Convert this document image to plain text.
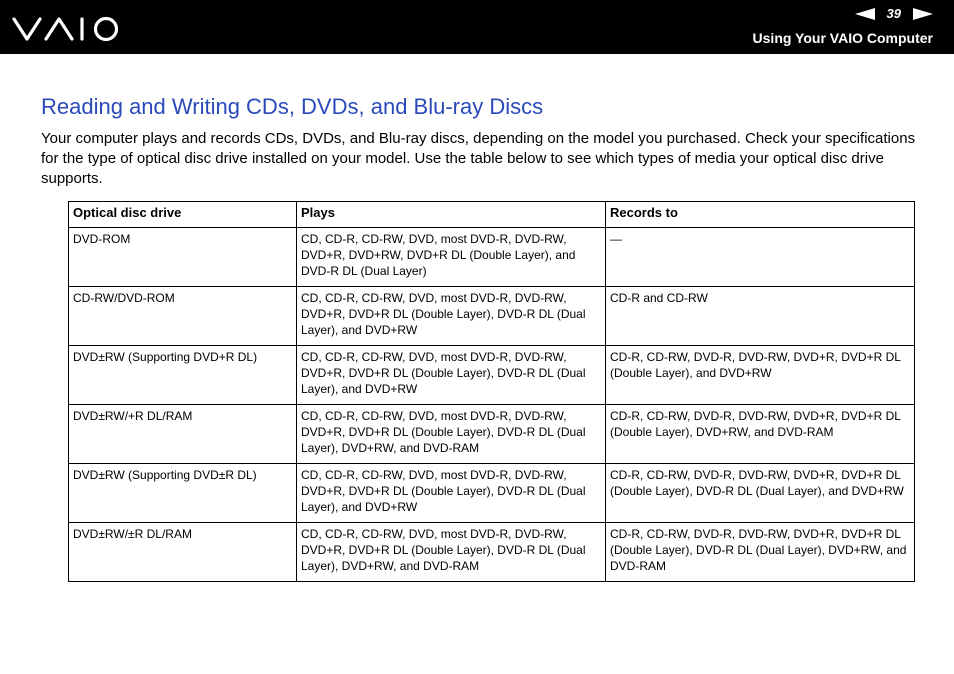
39
Using Your VAIO Computer
Reading and Writing CDs, DVDs, and Blu-ray Discs

Your computer plays and records CDs, DVDs, and Blu-ray discs, depending on the model you purchased. Check your specifications for the type of optical disc drive installed on your model. Use the table below to see which types of media your optical disc drive supports.

Optical disc drive	Plays	Records to
DVD-ROM	CD, CD-R, CD-RW, DVD, most DVD-R, DVD-RW, DVD+R, DVD+RW, DVD+R DL (Double Layer), and DVD-R DL (Dual Layer)	—
CD-RW/DVD-ROM	CD, CD-R, CD-RW, DVD, most DVD-R, DVD-RW, DVD+R, DVD+R DL (Double Layer), DVD-R DL (Dual Layer), and DVD+RW	CD-R and CD-RW
DVD±RW (Supporting DVD+R DL)	CD, CD-R, CD-RW, DVD, most DVD-R, DVD-RW, DVD+R, DVD+R DL (Double Layer), DVD-R DL (Dual Layer), and DVD+RW	CD-R, CD-RW, DVD-R, DVD-RW, DVD+R, DVD+R DL (Double Layer), and DVD+RW
DVD±RW/+R DL/RAM	CD, CD-R, CD-RW, DVD, most DVD-R, DVD-RW, DVD+R, DVD+R DL (Double Layer), DVD-R DL (Dual Layer), DVD+RW, and DVD-RAM	CD-R, CD-RW, DVD-R, DVD-RW, DVD+R, DVD+R DL (Double Layer), DVD+RW, and DVD-RAM
DVD±RW (Supporting DVD±R DL)	CD, CD-R, CD-RW, DVD, most DVD-R, DVD-RW, DVD+R, DVD+R DL (Double Layer), DVD-R DL (Dual Layer), and DVD+RW	CD-R, CD-RW, DVD-R, DVD-RW, DVD+R, DVD+R DL (Double Layer), DVD-R DL (Dual Layer), and DVD+RW
DVD±RW/±R DL/RAM	CD, CD-R, CD-RW, DVD, most DVD-R, DVD-RW, DVD+R, DVD+R DL (Double Layer), DVD-R DL (Dual Layer), DVD+RW, and DVD-RAM	CD-R, CD-RW, DVD-R, DVD-RW, DVD+R, DVD+R DL (Double Layer), DVD-R DL (Dual Layer), DVD+RW, and DVD-RAM
